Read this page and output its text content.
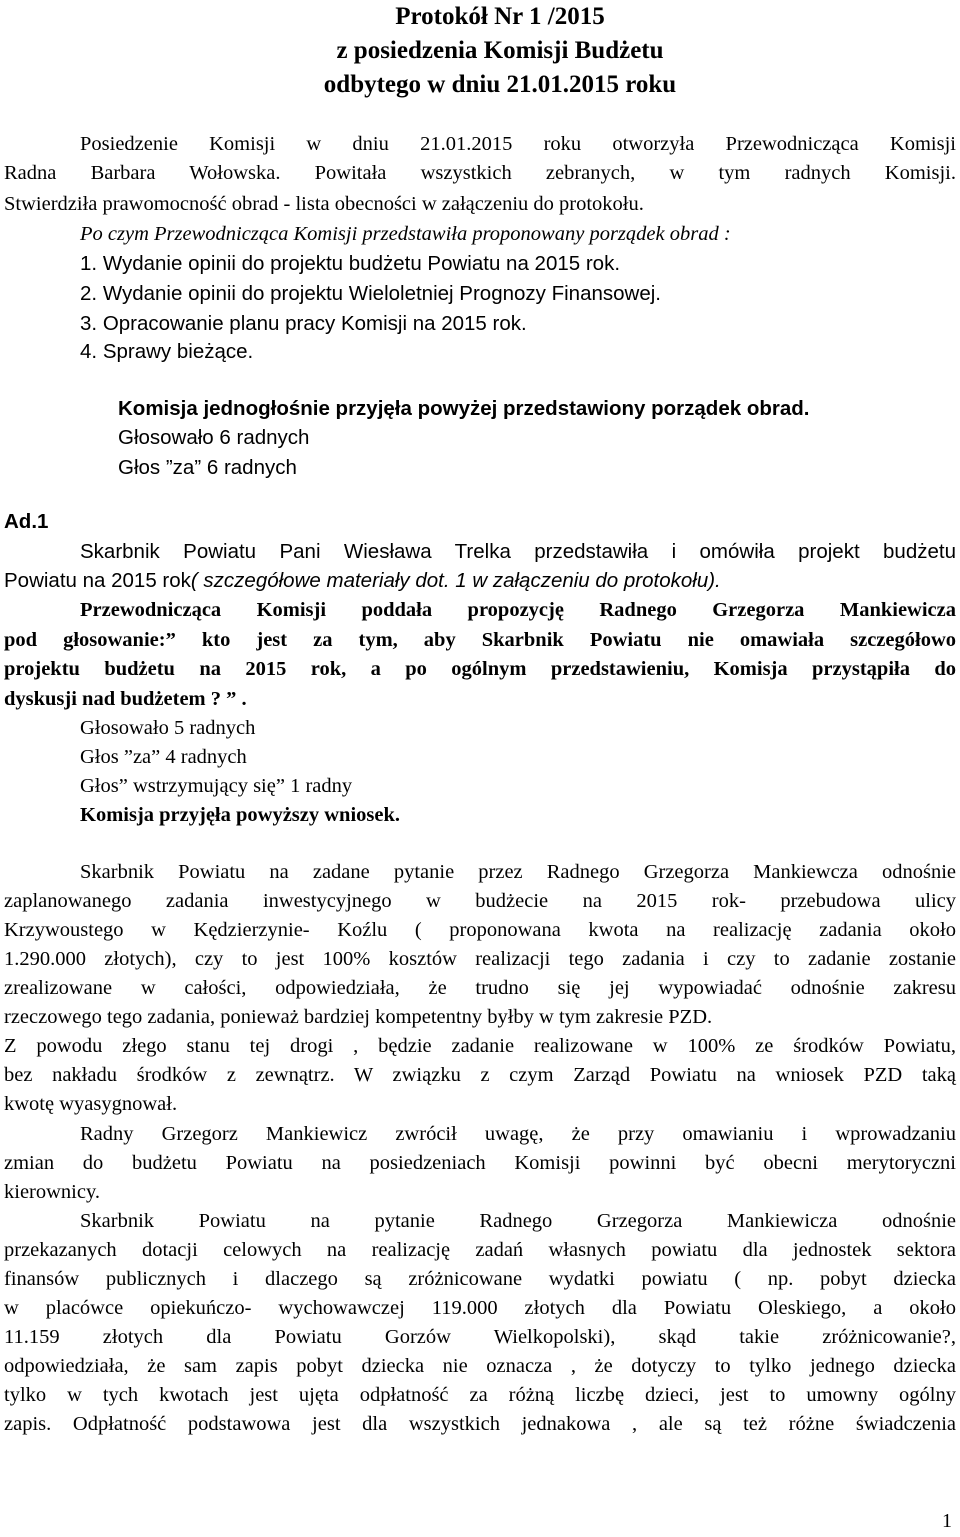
Protokół Nr 1 /2015
z posiedzenia Komisji Budżetu
odbytego w dniu 21.01.2015 roku
Posiedzenie Komisji w dniu 21.01.2015 roku otworzyła Przewodnicząca Komisji
Radna Barbara Wołowska. Powitała wszystkich zebranych, w tym radnych Komisji.
Stwierdziła prawomocność obrad - lista obecności w załączeniu do protokołu.
Po czym Przewodnicząca Komisji przedstawiła proponowany porządek obrad :
1. Wydanie opinii do projektu budżetu Powiatu na 2015 rok.
2. Wydanie opinii do projektu Wieloletniej Prognozy Finansowej.
3. Opracowanie planu pracy Komisji na 2015 rok.
4. Sprawy bieżące.
Komisja jednogłośnie przyjęła powyżej przedstawiony porządek obrad.
Głosowało 6 radnych
Głos ”za” 6 radnych
Ad.1
Skarbnik Powiatu Pani Wiesława Trelka przedstawiła i omówiła projekt budżetu
Powiatu na 2015 rok( szczegółowe materiały dot. 1 w załączeniu do protokołu).
Przewodnicząca Komisji poddała propozycję Radnego Grzegorza Mankiewicza
pod głosowanie:” kto jest za tym, aby Skarbnik Powiatu nie omawiała szczegółowo
projektu budżetu na 2015 rok, a po ogólnym przedstawieniu, Komisja przystąpiła do
dyskusji nad budżetem ? ” .
Głosowało 5 radnych
Głos ”za” 4 radnych
Głos” wstrzymujący się” 1 radny
Komisja przyjęła powyższy wniosek.
Skarbnik Powiatu na zadane pytanie przez Radnego Grzegorza Mankiewcza odnośnie
zaplanowanego zadania inwestycyjnego w budżecie na 2015 rok- przebudowa ulicy
Krzywoustego w Kędzierzynie- Koźlu ( proponowana kwota na realizację zadania około
1.290.000 złotych), czy to jest 100% kosztów realizacji tego zadania i czy to zadanie zostanie
zrealizowane w całości, odpowiedziała, że trudno się jej wypowiadać odnośnie zakresu
rzeczowego tego zadania, ponieważ bardziej kompetentny byłby w tym zakresie PZD.
Z powodu złego stanu tej drogi , będzie zadanie realizowane w 100% ze środków Powiatu,
bez nakładu środków z zewnątrz. W związku z czym Zarząd Powiatu na wniosek PZD taką
kwotę wyasygnował.
Radny Grzegorz Mankiewicz zwrócił uwagę, że przy omawianiu i wprowadzaniu
zmian do budżetu Powiatu na posiedzeniach Komisji powinni być obecni merytoryczni
kierownicy.
Skarbnik Powiatu na pytanie Radnego Grzegorza Mankiewicza odnośnie
przekazanych dotacji celowych na realizację zadań własnych powiatu dla jednostek sektora
finansów publicznych i dlaczego są zróżnicowane wydatki powiatu ( np. pobyt dziecka
w placówce opiekuńczo- wychowawczej 119.000 złotych dla Powiatu Oleskiego, a około
11.159 złotych dla Powiatu Gorzów Wielkopolski), skąd takie zróżnicowanie?,
odpowiedziała, że sam zapis pobyt dziecka nie oznacza , że dotyczy to tylko jednego dziecka
tylko w tych kwotach jest ujęta odpłatność za różną liczbę dzieci, jest to umowny ogólny
zapis. Odpłatność podstawowa jest dla wszystkich jednakowa , ale są też różne świadczenia
1
